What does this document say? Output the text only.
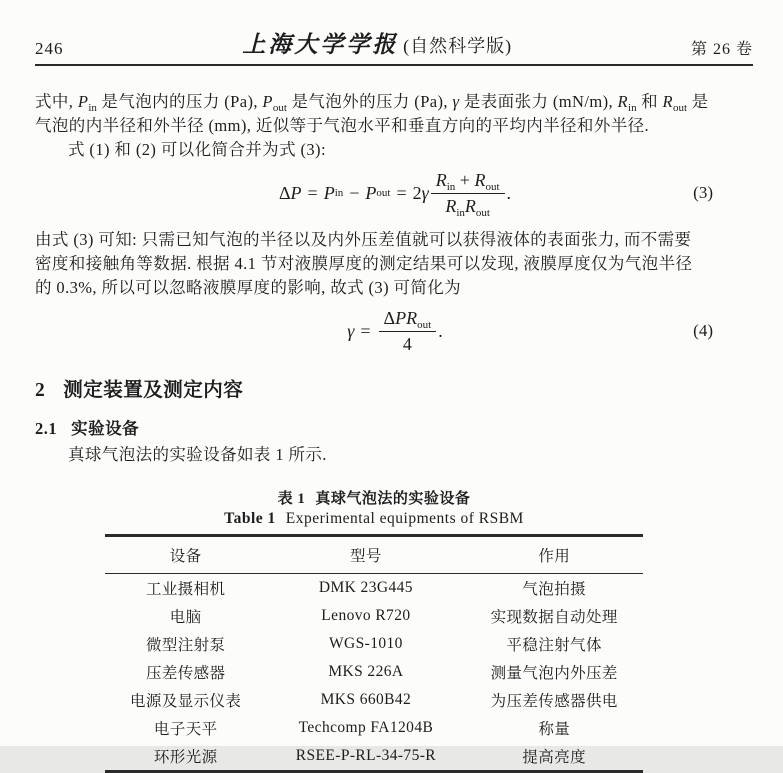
246	上海大学学报 (自然科学版)	第 26 卷
式中, $P_{in}$ 是气泡内的压力 (Pa), $P_{out}$ 是气泡外的压力 (Pa), γ 是表面张力 (mN/m), $R_{in}$ 和 $R_{out}$ 是
气泡的内半径和外半径 (mm), 近似等于气泡水平和垂直方向的平均内半径和外半径.
式 (1) 和 (2) 可以化简合并为式 (3):
Δ P = P in − P out = 2 γ $\frac{R_{in} + R_{out}}{R_{in}R_{out}}$ .	(3)
由式 (3) 可知: 只需已知气泡的半径以及内外压差值就可以获得液体的表面张力, 而不需要
密度和接触角等数据. 根据 4.1 节对液膜厚度的测定结果可以发现, 液膜厚度仅为气泡半径
的 0.3%, 所以可以忽略液膜厚度的影响, 故式 (3) 可简化为
$\gamma = \frac{\Delta PR_{out}}{4}$ .	(4)
2 测定装置及测定内容
2.1 实验设备
真球气泡法的实验设备如表 1 所示.
表 1 真球气泡法的实验设备
Table 1 Experimental equipments of RSBM
设备	型号	作用
工业摄相机	DMK 23G445	气泡拍摄
电脑	Lenovo R720	实现数据自动处理
微型注射泵	WGS-1010	平稳注射气体
压差传感器	MKS 226A	测量气泡内外压差
电源及显示仪表	MKS 660B42	为压差传感器供电
电子天平	Techcomp FA1204B	称量
环形光源	RSEE-P-RL-34-75-R	提高亮度
